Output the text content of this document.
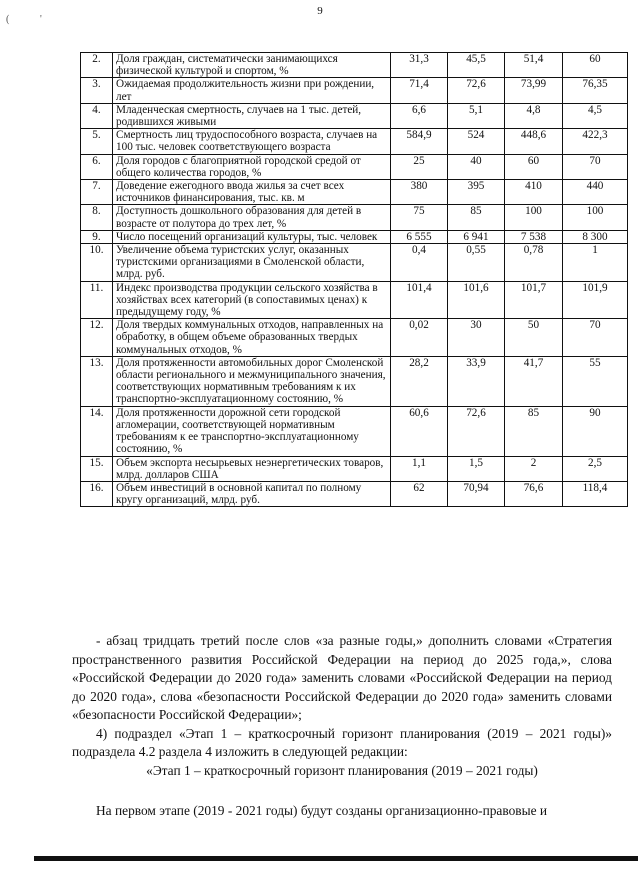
9
(	'
2.	Доля граждан, систематически занимающихся физической культурой и спортом, %	31,3	45,5	51,4	60
3.	Ожидаемая продолжительность жизни при рождении, лет	71,4	72,6	73,99	76,35
4.	Младенческая смертность, случаев на 1 тыс. детей, родившихся живыми	6,6	5,1	4,8	4,5
5.	Смертность лиц трудоспособного возраста, случаев на 100 тыс. человек соответствующего возраста	584,9	524	448,6	422,3
6.	Доля городов с благоприятной городской средой от общего количества городов, %	25	40	60	70
7.	Доведение ежегодного ввода жилья за счет всех источников финансирования, тыс. кв. м	380	395	410	440
8.	Доступность дошкольного образования для детей в возрасте от полутора до трех лет, %	75	85	100	100
9.	Число посещений организаций культуры, тыс. человек	6 555	6 941	7 538	8 300
10.	Увеличение объема туристских услуг, оказанных туристскими организациями в Смоленской области, млрд. руб.	0,4	0,55	0,78	1
11.	Индекс производства продукции сельского хозяйства в хозяйствах всех категорий (в сопоставимых ценах) к предыдущему году, %	101,4	101,6	101,7	101,9
12.	Доля твердых коммунальных отходов, направленных на обработку, в общем объеме образованных твердых коммунальных отходов, %	0,02	30	50	70
13.	Доля протяженности автомобильных дорог Смоленской области регионального и межмуниципального значения, соответствующих нормативным требованиям к их транспортно-эксплуатационному состоянию, %	28,2	33,9	41,7	55
14.	Доля протяженности дорожной сети городской агломерации, соответствующей нормативным требованиям к ее транспортно-эксплуатационному состоянию, %	60,6	72,6	85	90
15.	Объем экспорта несырьевых неэнергетических товаров, млрд. долларов США	1,1	1,5	2	2,5
16.	Объем инвестиций в основной капитал по полному кругу организаций, млрд. руб.	62	70,94	76,6	118,4
- абзац тридцать третий после слов «за разные годы,» дополнить словами «Стратегия пространственного развития Российской Федерации на период до 2025 года,», слова «Российской Федерации до 2020 года» заменить словами «Российской Федерации на период до 2020 года», слова «безопасности Российской Федерации до 2020 года» заменить словами «безопасности Российской Федерации»;
4) подраздел «Этап 1 – краткосрочный горизонт планирования (2019 – 2021 годы)» подраздела 4.2 раздела 4 изложить в следующей редакции:
«Этап 1 – краткосрочный горизонт планирования (2019 – 2021 годы)
На первом этапе (2019 - 2021 годы) будут созданы организационно-правовые и
